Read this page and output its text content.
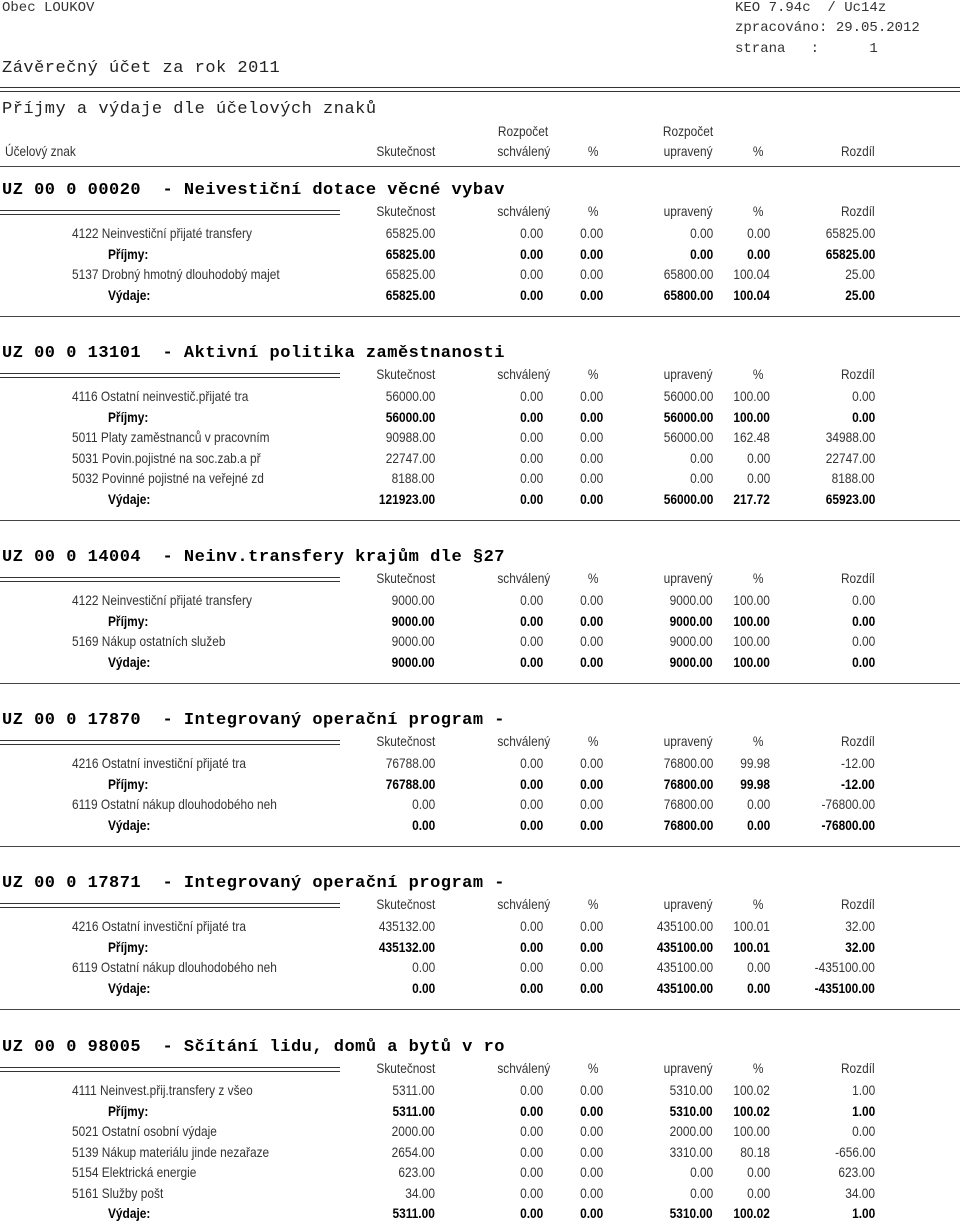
Obec LOUKOV	KEO 7.94c  / Uc14z
zpracováno: 29.05.2012
strana   :      1
Závěrečný účet za rok 2011
Příjmy a výdaje dle účelových znaků
Rozpočet	Rozpočet
Účelový znak	Skutečnost	schválený	%	upravený	%	Rozdíl
UZ 00 0 00020  - Neivestiční dotace věcné vybav
Skutečnost	schválený	%	upravený	%	Rozdíl
4122 Neinvestiční přijaté transfery	65825.00	0.00	0.00	0.00 0.00	65825.00
Příjmy:	65825.00	0.00	0.00	0.00 0.00	65825.00
5137 Drobný hmotný dlouhodobý majet	65825.00	0.00	0.00	65800.00 100.04	25.00
Výdaje:	65825.00	0.00	0.00	65800.00 100.04	25.00
UZ 00 0 13101  - Aktivní politika zaměstnanosti
Skutečnost	schválený	%	upravený	%	Rozdíl
4116 Ostatní neinvestič.přijaté tra	56000.00	0.00	0.00	56000.00 100.00	0.00
Příjmy:	56000.00	0.00	0.00	56000.00 100.00	0.00
5011 Platy zaměstnanců v pracovním	90988.00	0.00	0.00	56000.00 162.48	34988.00
5031 Povin.pojistné na soc.zab.a př	22747.00	0.00	0.00	0.00 0.00	22747.00
5032 Povinné pojistné na veřejné zd	8188.00	0.00	0.00	0.00 0.00	8188.00
Výdaje:	121923.00	0.00	0.00	56000.00 217.72	65923.00
UZ 00 0 14004  - Neinv.transfery krajům dle §27
Skutečnost	schválený	%	upravený	%	Rozdíl
4122 Neinvestiční přijaté transfery	9000.00	0.00	0.00	9000.00 100.00	0.00
Příjmy:	9000.00	0.00	0.00	9000.00 100.00	0.00
5169 Nákup ostatních služeb	9000.00	0.00	0.00	9000.00 100.00	0.00
Výdaje:	9000.00	0.00	0.00	9000.00 100.00	0.00
UZ 00 0 17870  - Integrovaný operační program -
Skutečnost	schválený	%	upravený	%	Rozdíl
4216 Ostatní investiční přijaté tra	76788.00	0.00	0.00	76800.00 99.98	-12.00
Příjmy:	76788.00	0.00	0.00	76800.00 99.98	-12.00
6119 Ostatní nákup dlouhodobého neh	0.00	0.00	0.00	76800.00 0.00	-76800.00
Výdaje:	0.00	0.00	0.00	76800.00 0.00	-76800.00
UZ 00 0 17871  - Integrovaný operační program -
Skutečnost	schválený	%	upravený	%	Rozdíl
4216 Ostatní investiční přijaté tra	435132.00	0.00	0.00	435100.00 100.01	32.00
Příjmy:	435132.00	0.00	0.00	435100.00 100.01	32.00
6119 Ostatní nákup dlouhodobého neh	0.00	0.00	0.00	435100.00 0.00	-435100.00
Výdaje:	0.00	0.00	0.00	435100.00 0.00	-435100.00
UZ 00 0 98005  - Sčítání lidu, domů a bytů v ro
Skutečnost	schválený	%	upravený	%	Rozdíl
4111 Neinvest.přij.transfery z všeo	5311.00	0.00	0.00	5310.00 100.02	1.00
Příjmy:	5311.00	0.00	0.00	5310.00 100.02	1.00
5021 Ostatní osobní výdaje	2000.00	0.00	0.00	2000.00 100.00	0.00
5139 Nákup materiálu jinde nezařaze	2654.00	0.00	0.00	3310.00 80.18	-656.00
5154 Elektrická energie	623.00	0.00	0.00	0.00 0.00	623.00
5161 Služby pošt	34.00	0.00	0.00	0.00 0.00	34.00
Výdaje:	5311.00	0.00	0.00	5310.00 100.02	1.00
